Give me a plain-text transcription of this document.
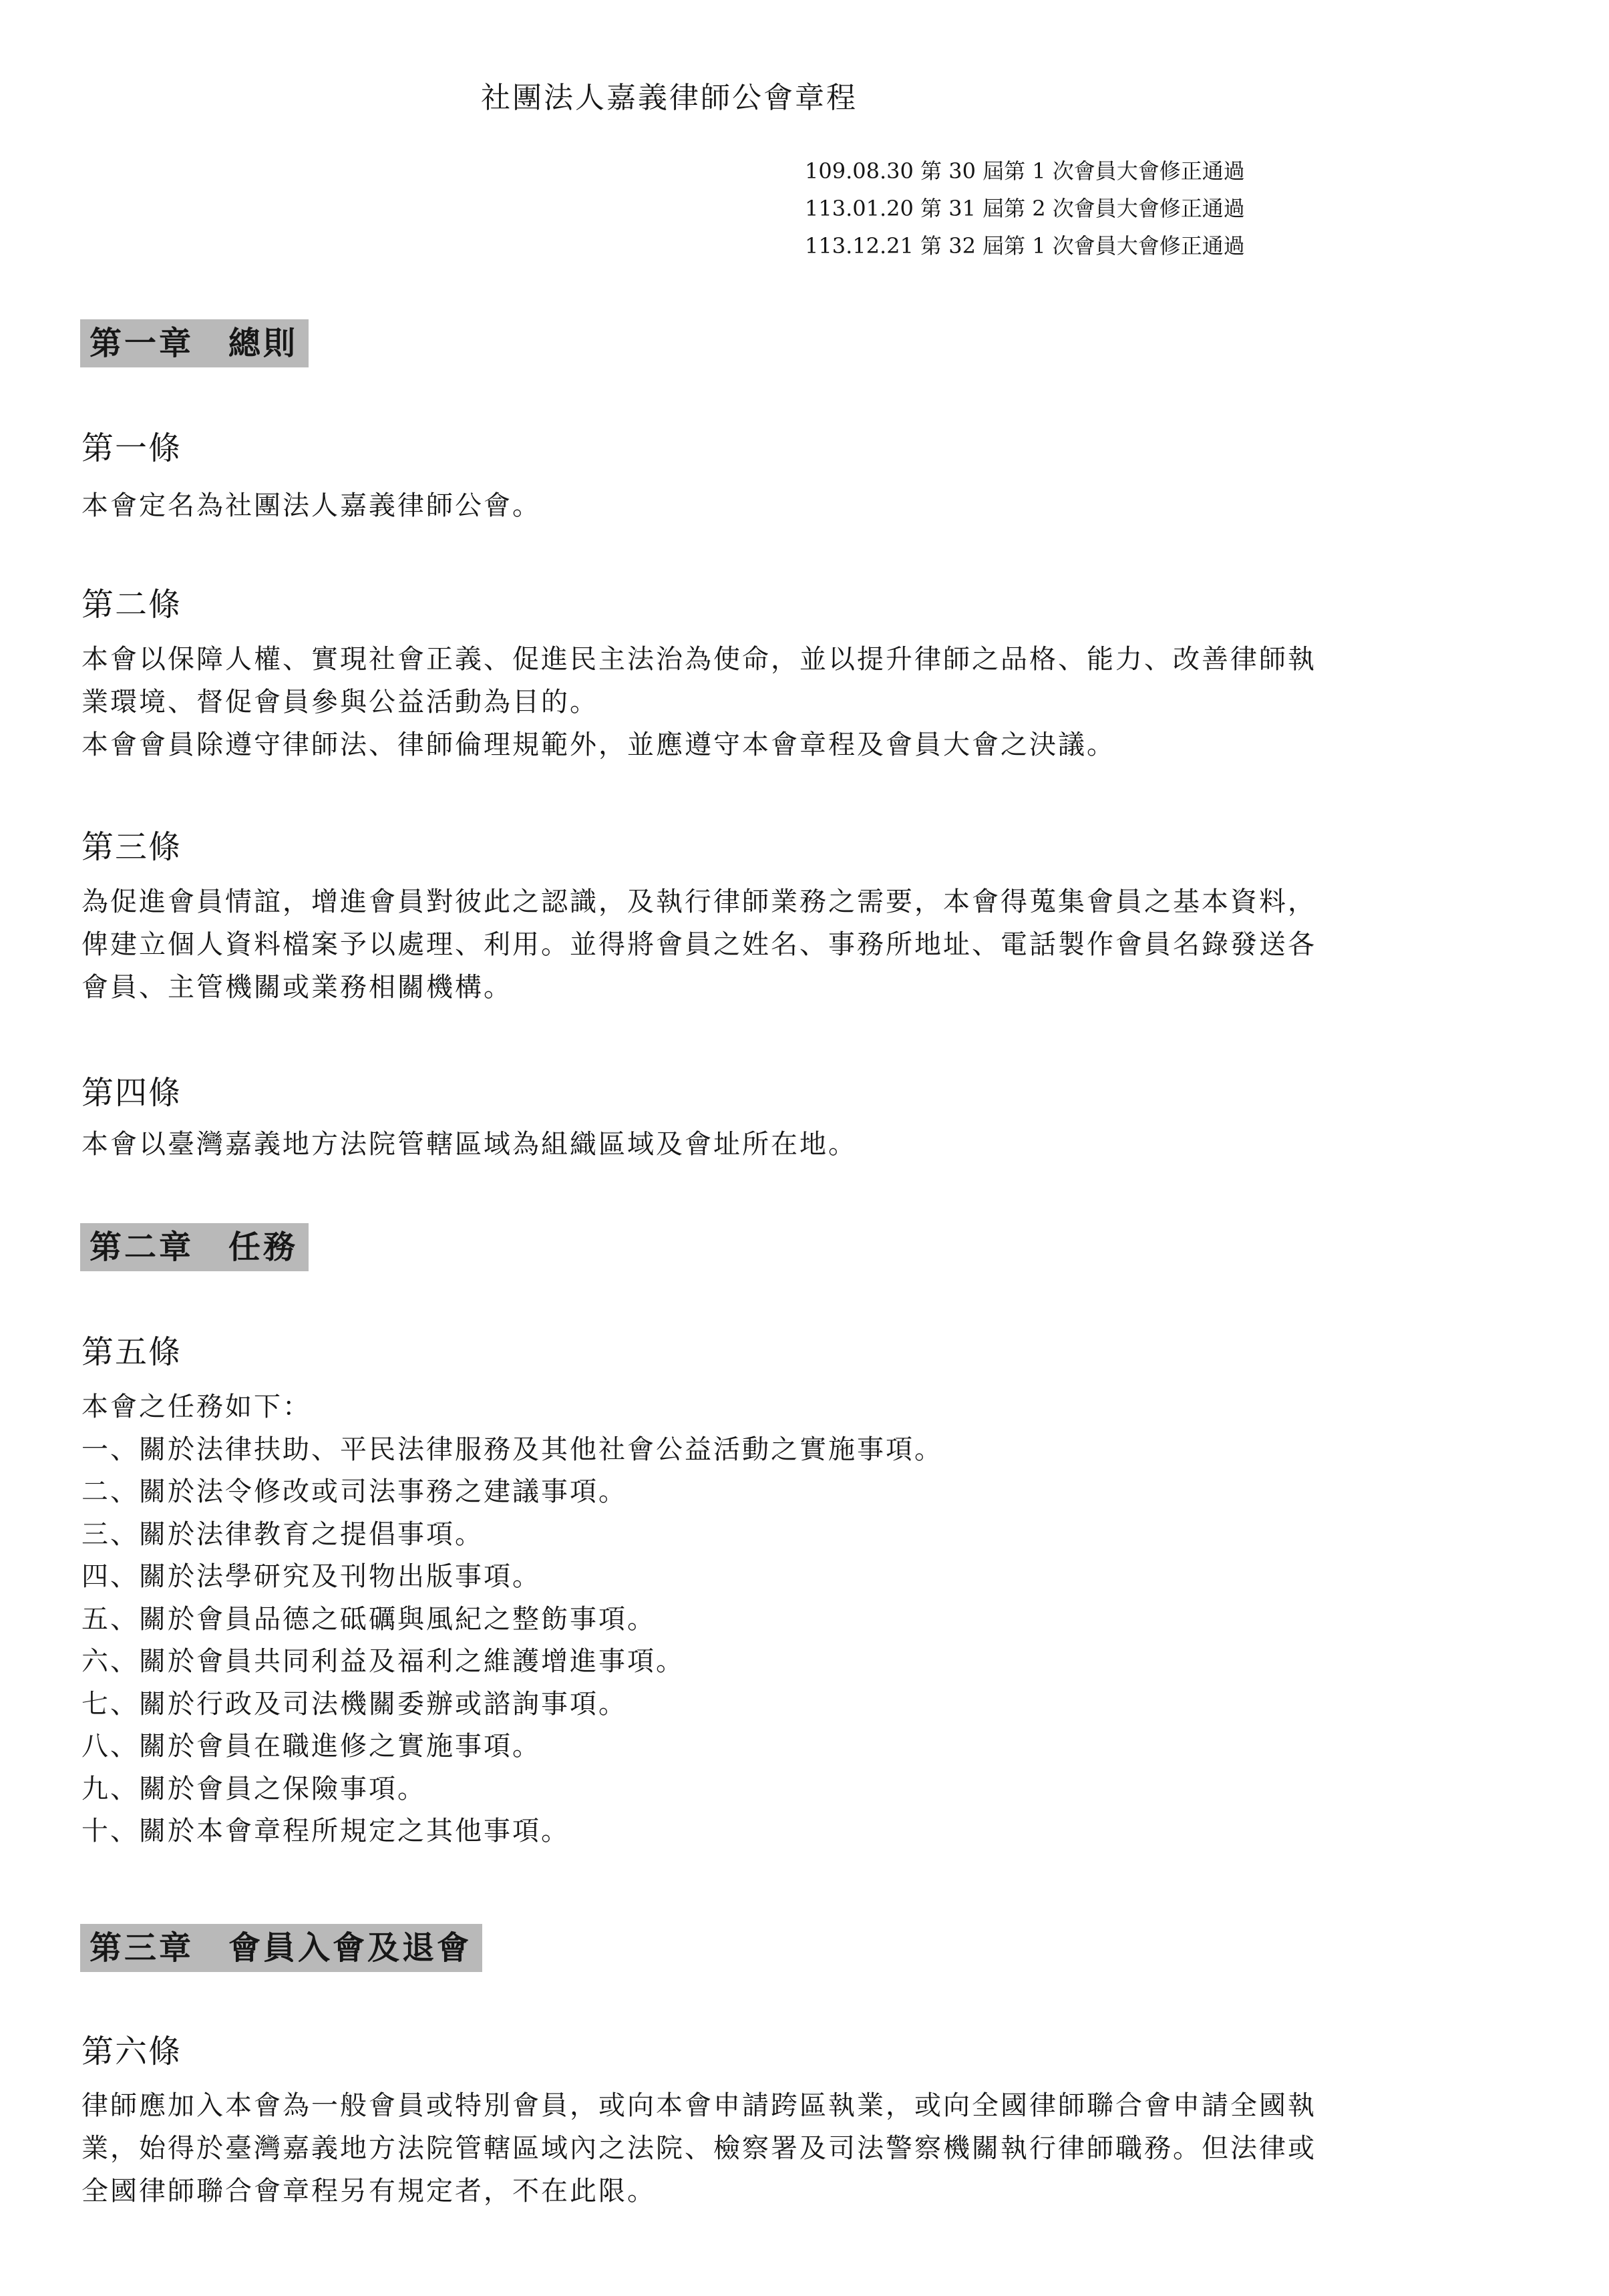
社團法人嘉義律師公會章程
109.08.30 第 30 屆第 1 次會員大會修正通過
113.01.20 第 31 屆第 2 次會員大會修正通過
113.12.21 第 32 屆第 1 次會員大會修正通過
第一章　總則
第一條

本會定名為社團法人嘉義律師公會。

第二條

本會以保障人權、實現社會正義、促進民主法治為使命，並以提升律師之品格、能力、改善律師執

業環境、督促會員參與公益活動為目的。

本會會員除遵守律師法、律師倫理規範外，並應遵守本會章程及會員大會之決議。

第三條

為促進會員情誼，增進會員對彼此之認識，及執行律師業務之需要，本會得蒐集會員之基本資料，

俾建立個人資料檔案予以處理、利用。並得將會員之姓名、事務所地址、電話製作會員名錄發送各

會員、主管機關或業務相關機構。

第四條

本會以臺灣嘉義地方法院管轄區域為組織區域及會址所在地。

第二章　任務
第五條
本會之任務如下：
一、關於法律扶助、平民法律服務及其他社會公益活動之實施事項。
二、關於法令修改或司法事務之建議事項。
三、關於法律教育之提倡事項。
四、關於法學研究及刊物出版事項。
五、關於會員品德之砥礪與風紀之整飭事項。
六、關於會員共同利益及福利之維護增進事項。
七、關於行政及司法機關委辦或諮詢事項。
八、關於會員在職進修之實施事項。
九、關於會員之保險事項。
十、關於本會章程所規定之其他事項。
第三章　會員入會及退會
第六條

律師應加入本會為一般會員或特別會員，或向本會申請跨區執業，或向全國律師聯合會申請全國執

業，始得於臺灣嘉義地方法院管轄區域內之法院、檢察署及司法警察機關執行律師職務。但法律或

全國律師聯合會章程另有規定者，不在此限。
